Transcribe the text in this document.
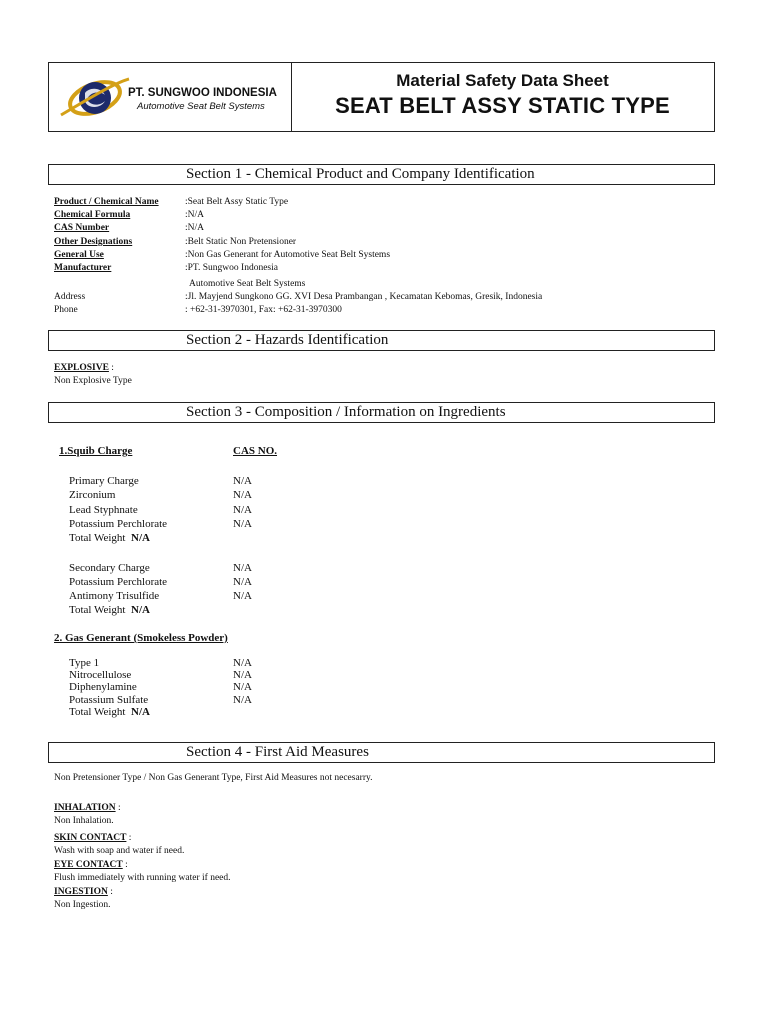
PT. SUNGWOO INDONESIA
Automotive Seat Belt Systems
Material Safety Data Sheet
SEAT BELT ASSY STATIC TYPE
Section 1 - Chemical Product and Company Identification
Product / Chemical Name	:Seat Belt Assy Static Type
Chemical Formula	:N/A
CAS Number	:N/A
Other Designations	:Belt Static Non Pretensioner
General Use	:Non Gas Generant for Automotive Seat Belt Systems
Manufacturer	:PT. Sungwoo Indonesia
Automotive Seat Belt Systems
Address	:Jl. Mayjend Sungkono GG. XVI Desa Prambangan , Kecamatan Kebomas, Gresik, Indonesia
Phone	: +62-31-3970301, Fax: +62-31-3970300
Section 2 - Hazards Identification
EXPLOSIVE :
Non Explosive Type
Section 3 - Composition / Information on Ingredients
1.Squib Charge	CAS NO.
Primary Charge	N/A
Zirconium	N/A
Lead Styphnate	N/A
Potassium Perchlorate	N/A
Total Weight N/A
Secondary Charge	N/A
Potassium Perchlorate	N/A
Antimony Trisulfide	N/A
Total Weight N/A
2. Gas Generant (Smokeless Powder)
Type 1	N/A
Nitrocellulose	N/A
Diphenylamine	N/A
Potassium Sulfate	N/A
Total Weight N/A
Section 4 - First Aid Measures
Non Pretensioner Type / Non Gas Generant Type, First Aid Measures not necesarry.
INHALATION :
Non Inhalation.
SKIN CONTACT :
Wash with soap and water if need.
EYE CONTACT :
Flush immediately with running water if need.
INGESTION :
Non Ingestion.
